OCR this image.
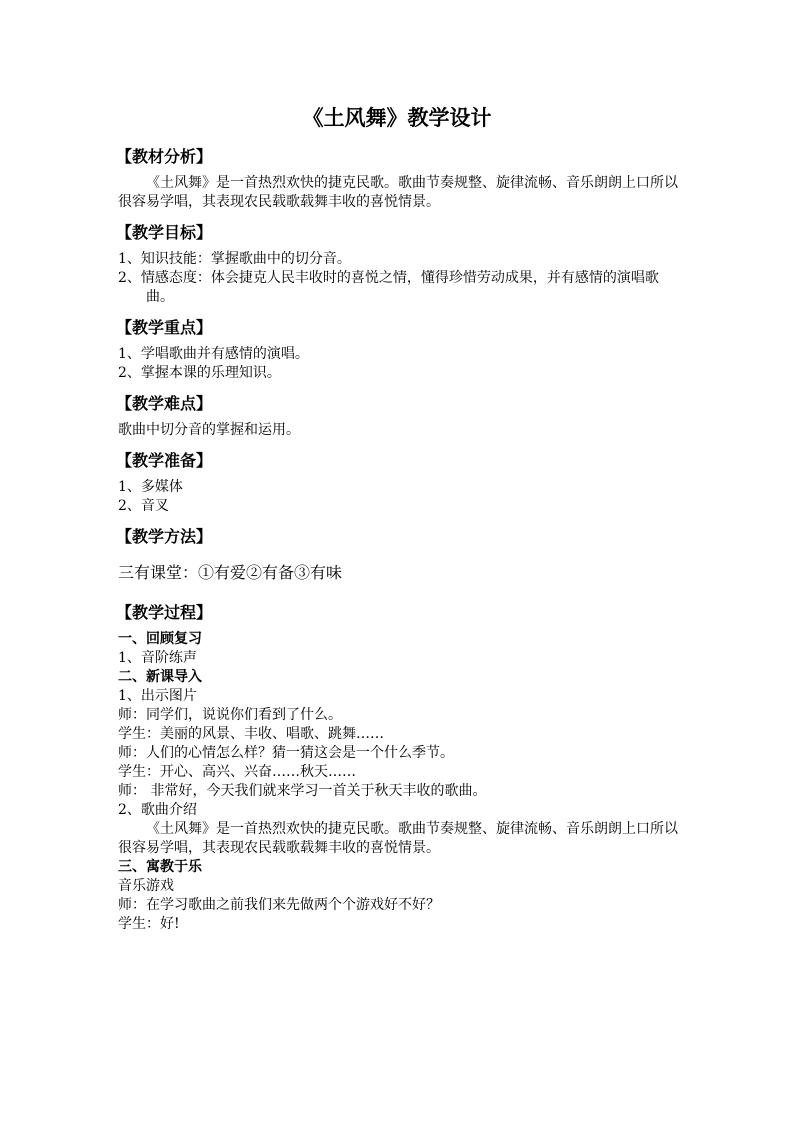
《土风舞》教学设计
【教材分析】

《土风舞》是一首热烈欢快的捷克民歌。歌曲节奏规整、旋律流畅、音乐朗朗上口所以很容易学唱，其表现农民载歌载舞丰收的喜悦情景。

【教学目标】

1、知识技能：掌握歌曲中的切分音。

2、情感态度：体会捷克人民丰收时的喜悦之情，懂得珍惜劳动成果，并有感情的演唱歌曲。

【教学重点】

1、学唱歌曲并有感情的演唱。

2、掌握本课的乐理知识。

【教学难点】

歌曲中切分音的掌握和运用。

【教学准备】

1、多媒体

2、音叉

【教学方法】

三有课堂：①有爱②有备③有味

【教学过程】

一、回顾复习

1、音阶练声

二、新课导入

1、出示图片

师：同学们，说说你们看到了什么。

学生：美丽的风景、丰收、唱歌、跳舞……

师：人们的心情怎么样？猜一猜这会是一个什么季节。

学生：开心、高兴、兴奋……秋天……

师： 非常好，今天我们就来学习一首关于秋天丰收的歌曲。

2、歌曲介绍

《土风舞》是一首热烈欢快的捷克民歌。歌曲节奏规整、旋律流畅、音乐朗朗上口所以很容易学唱，其表现农民载歌载舞丰收的喜悦情景。

三、寓教于乐

音乐游戏

师：在学习歌曲之前我们来先做两个个游戏好不好？

学生：好!
